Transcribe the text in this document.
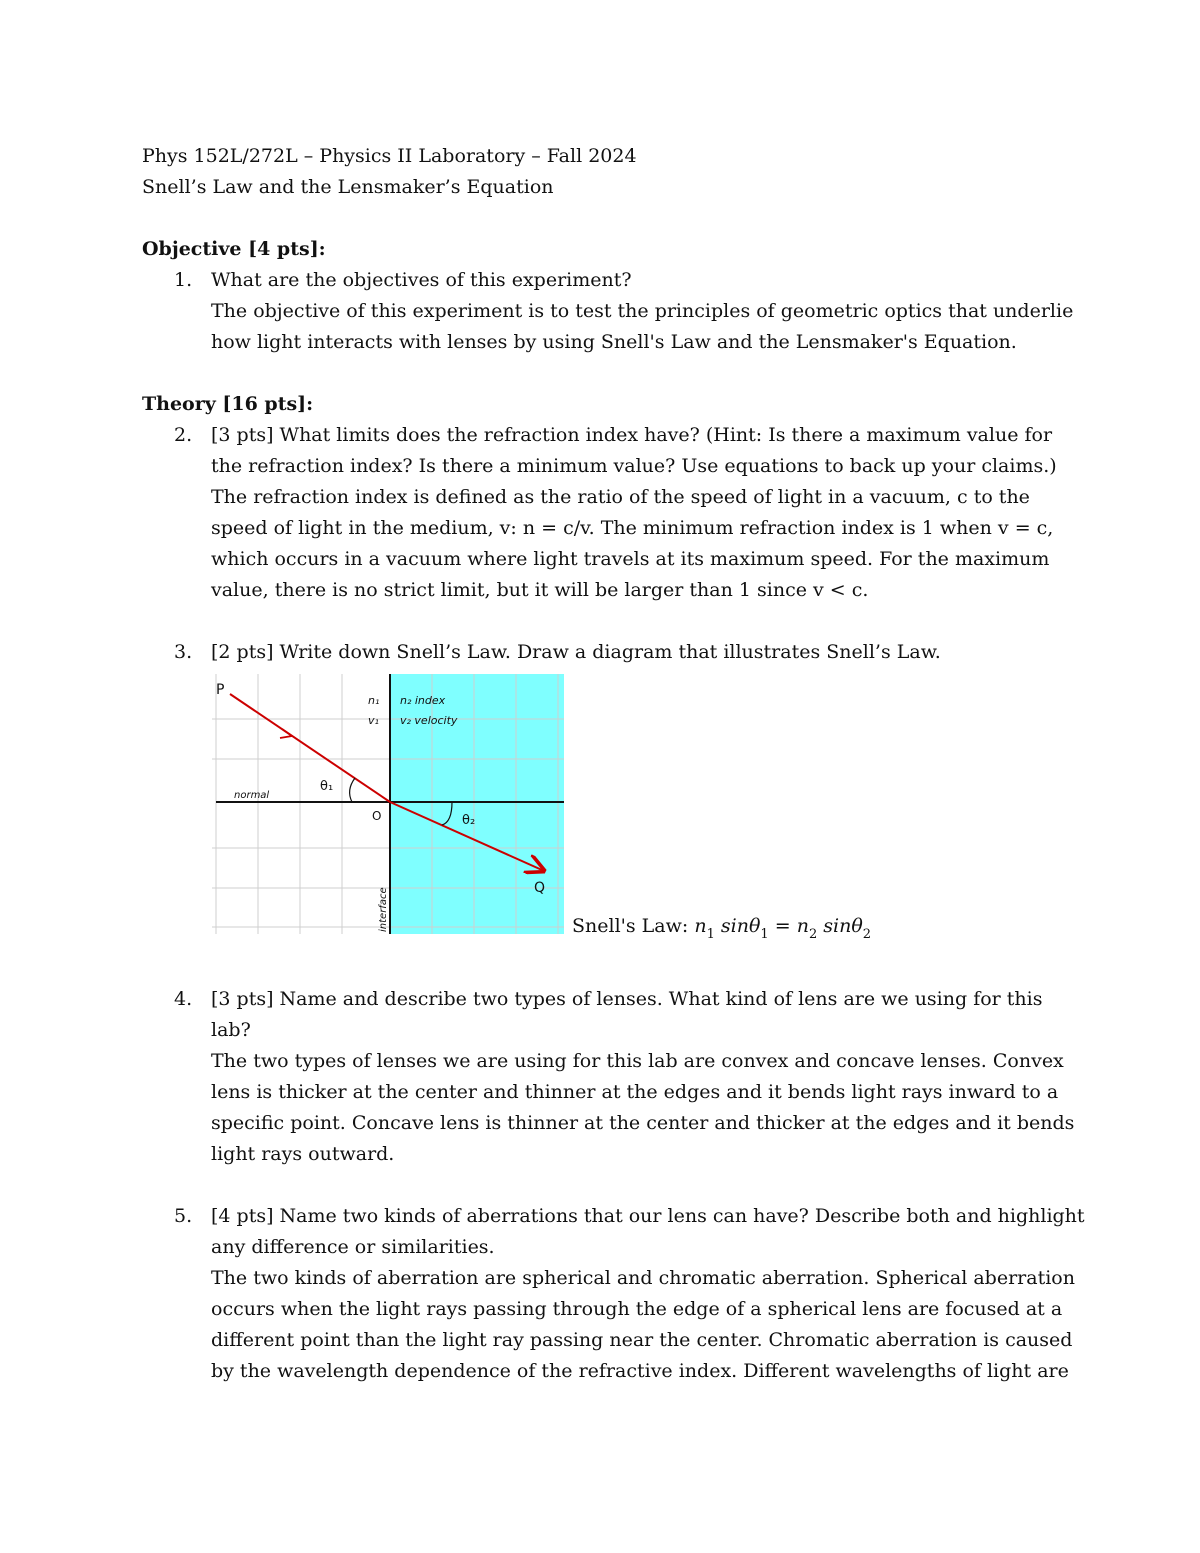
Phys 152L/272L – Physics II Laboratory – Fall 2024
Snell’s Law and the Lensmaker’s Equation
Objective [4 pts]:
1. What are the objectives of this experiment?
The objective of this experiment is to test the principles of geometric optics that underlie
how light interacts with lenses by using Snell's Law and the Lensmaker's Equation.
Theory [16 pts]:
2. [3 pts] What limits does the refraction index have? (Hint: Is there a maximum value for
the refraction index? Is there a minimum value? Use equations to back up your claims.)
The refraction index is defined as the ratio of the speed of light in a vacuum, c to the
speed of light in the medium, v: n = c/v. The minimum refraction index is 1 when v = c,
which occurs in a vacuum where light travels at its maximum speed. For the maximum
value, there is no strict limit, but it will be larger than 1 since v < c.
3. [2 pts] Write down Snell’s Law. Draw a diagram that illustrates Snell’s Law.
P
Q
O
normal
θ₁
θ₂
n₁
v₁
n₂ index
v₂ velocity
interface	Snell's Law: $n_1$ $\sin\theta_1 = n_2$ sinθ$_2$
4. [3 pts] Name and describe two types of lenses. What kind of lens are we using for this
lab?
The two types of lenses we are using for this lab are convex and concave lenses. Convex
lens is thicker at the center and thinner at the edges and it bends light rays inward to a
specific point. Concave lens is thinner at the center and thicker at the edges and it bends
light rays outward.
5. [4 pts] Name two kinds of aberrations that our lens can have? Describe both and highlight
any difference or similarities.
The two kinds of aberration are spherical and chromatic aberration. Spherical aberration
occurs when the light rays passing through the edge of a spherical lens are focused at a
different point than the light ray passing near the center. Chromatic aberration is caused
by the wavelength dependence of the refractive index. Different wavelengths of light are
